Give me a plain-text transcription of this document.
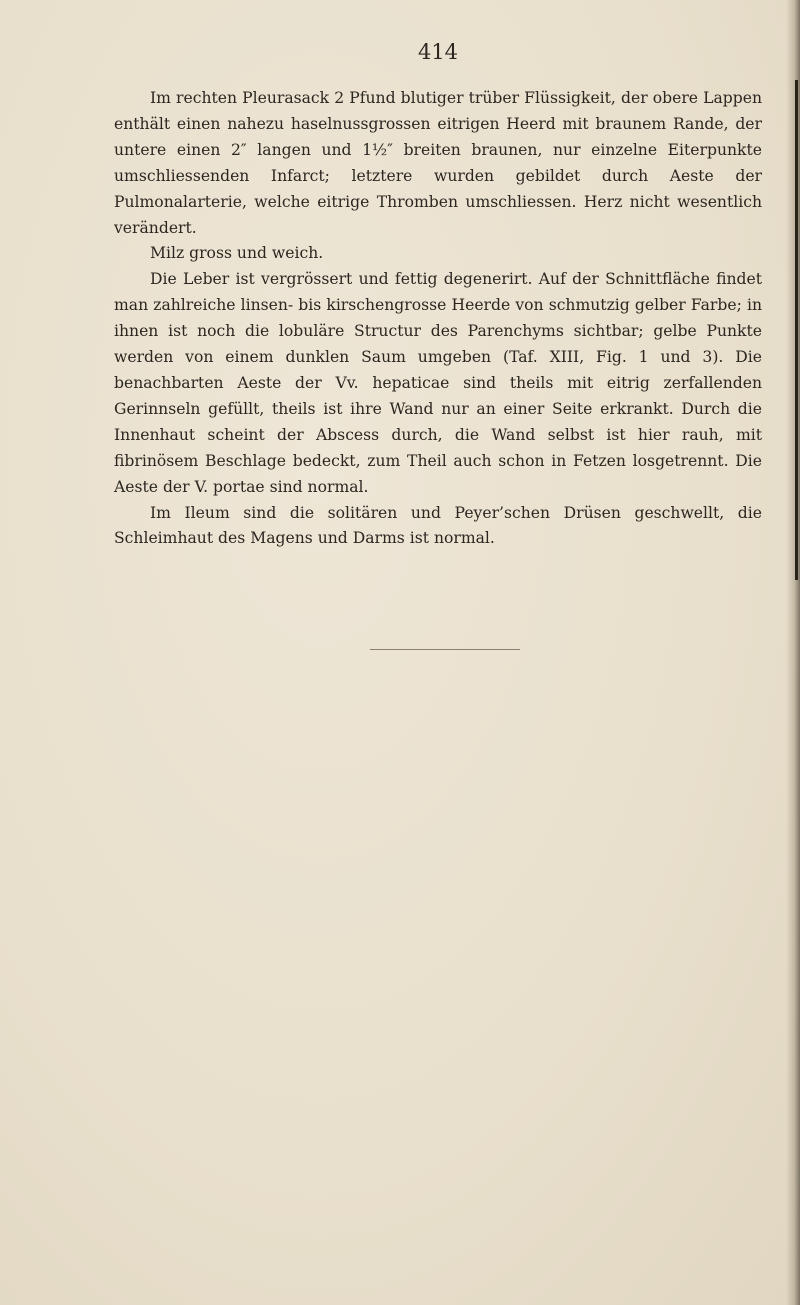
414

Im rechten Pleurasack 2 Pfund blutiger trüber Flüssigkeit, der obere Lappen enthält einen nahezu haselnussgrossen eitrigen Heerd mit braunem Rande, der untere einen 2″ langen und 1½″ breiten braunen, nur einzelne Eiterpunkte umschliessenden Infarct; letztere wurden gebildet durch Aeste der Pulmonalarterie, welche eitrige Thromben umschliessen. Herz nicht wesentlich verändert.

Milz gross und weich.

Die Leber ist vergrössert und fettig degenerirt. Auf der Schnittfläche findet man zahlreiche linsen- bis kirschengrosse Heerde von schmutzig gelber Farbe; in ihnen ist noch die lobuläre Structur des Parenchyms sichtbar; gelbe Punkte werden von einem dunklen Saum umgeben (Taf. XIII, Fig. 1 und 3). Die benachbarten Aeste der Vv. hepaticae sind theils mit eitrig zerfallenden Gerinnseln gefüllt, theils ist ihre Wand nur an einer Seite erkrankt. Durch die Innenhaut scheint der Abscess durch, die Wand selbst ist hier rauh, mit fibrinösem Beschlage bedeckt, zum Theil auch schon in Fetzen losgetrennt. Die Aeste der V. portae sind normal.

Im Ileum sind die solitären und Peyer’schen Drüsen geschwellt, die Schleimhaut des Magens und Darms ist normal.
